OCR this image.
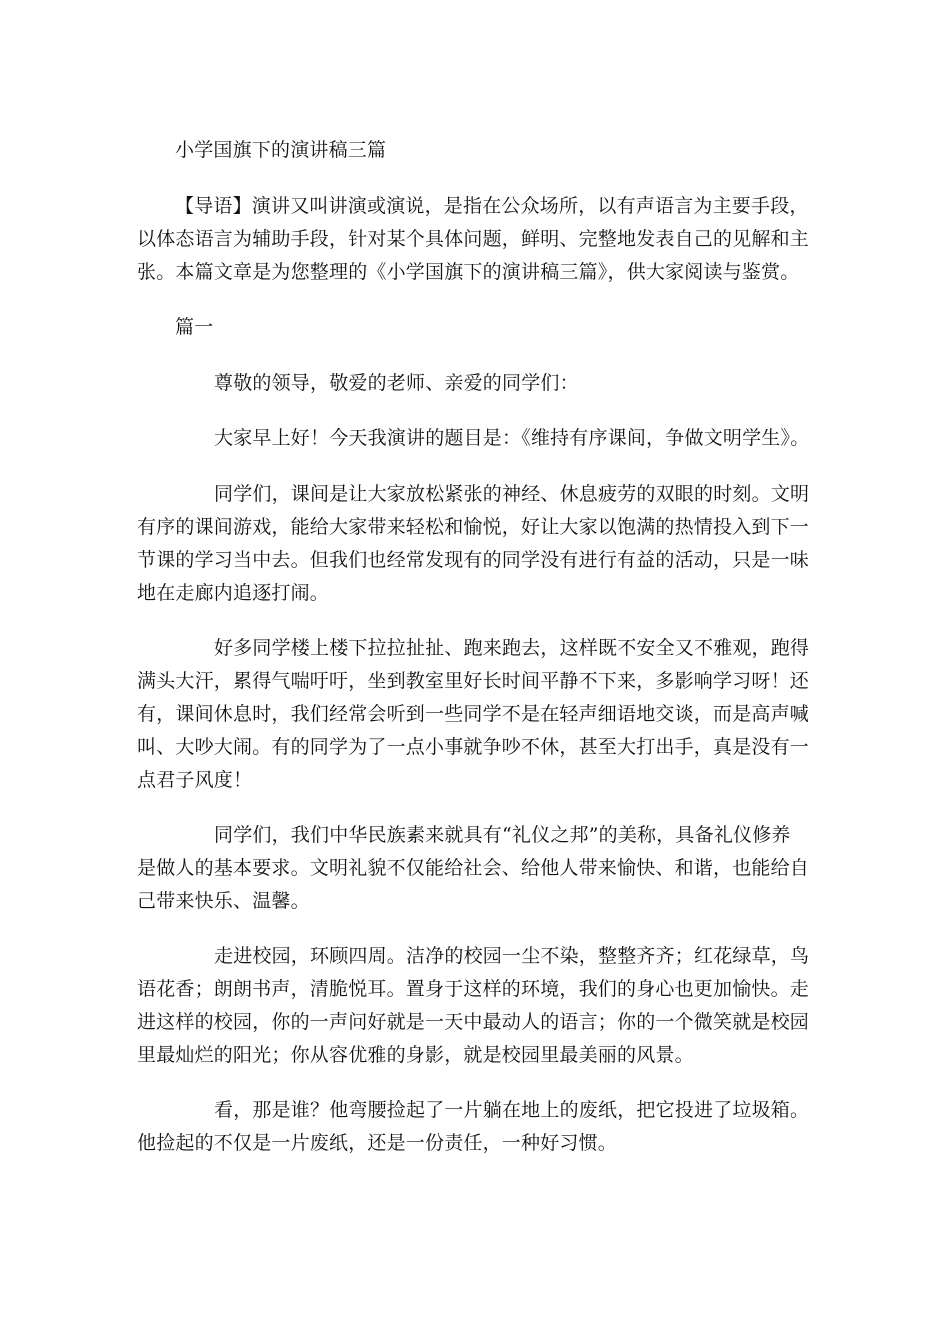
小学国旗下的演讲稿三篇
【导语】演讲又叫讲演或演说，是指在公众场所，以有声语言为主要手段，
以体态语言为辅助手段，针对某个具体问题，鲜明、完整地发表自己的见解和主
张。本篇文章是为您整理的《小学国旗下的演讲稿三篇》，供大家阅读与鉴赏。
篇一
尊敬的领导，敬爱的老师、亲爱的同学们：
大家早上好！今天我演讲的题目是：《维持有序课间，争做文明学生》。
同学们，课间是让大家放松紧张的神经、休息疲劳的双眼的时刻。文明
有序的课间游戏，能给大家带来轻松和愉悦，好让大家以饱满的热情投入到下一
节课的学习当中去。但我们也经常发现有的同学没有进行有益的活动，只是一味
地在走廊内追逐打闹。
好多同学楼上楼下拉拉扯扯、跑来跑去，这样既不安全又不雅观，跑得
满头大汗，累得气喘吁吁，坐到教室里好长时间平静不下来，多影响学习呀！还
有，课间休息时，我们经常会听到一些同学不是在轻声细语地交谈，而是高声喊
叫、大吵大闹。有的同学为了一点小事就争吵不休，甚至大打出手，真是没有一
点君子风度！
同学们，我们中华民族素来就具有“礼仪之邦”的美称，具备礼仪修养
是做人的基本要求。文明礼貌不仅能给社会、给他人带来愉快、和谐，也能给自
己带来快乐、温馨。
走进校园，环顾四周。洁净的校园一尘不染，整整齐齐；红花绿草，鸟
语花香；朗朗书声，清脆悦耳。置身于这样的环境，我们的身心也更加愉快。走
进这样的校园，你的一声问好就是一天中最动人的语言；你的一个微笑就是校园
里最灿烂的阳光；你从容优雅的身影，就是校园里最美丽的风景。
看，那是谁？他弯腰捡起了一片躺在地上的废纸，把它投进了垃圾箱。
他捡起的不仅是一片废纸，还是一份责任，一种好习惯。
